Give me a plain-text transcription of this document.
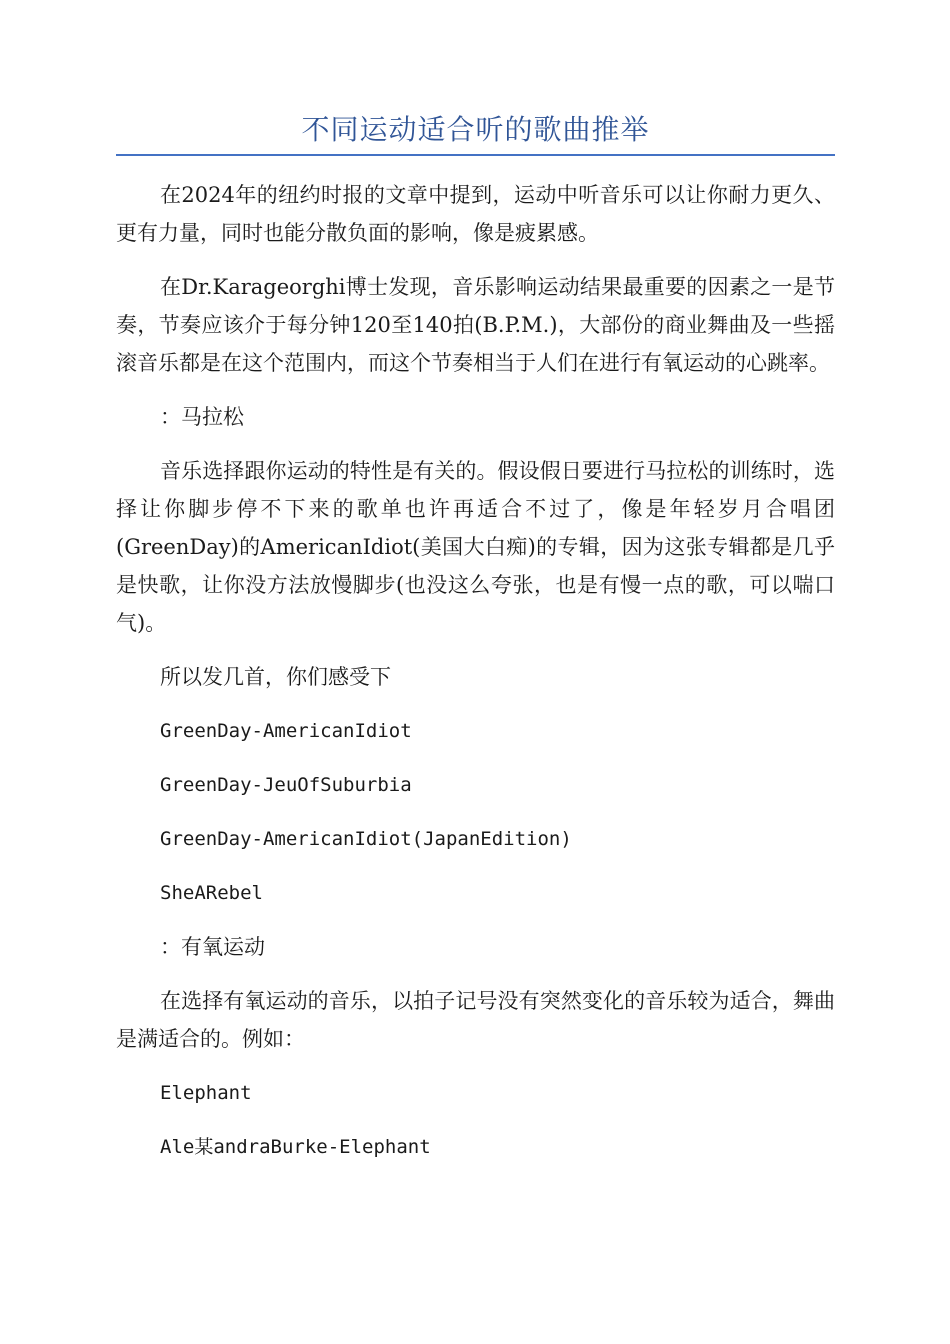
不同运动适合听的歌曲推举

在2024年的纽约时报的文章中提到，运动中听音乐可以让你耐力更久、更有力量，同时也能分散负面的影响，像是疲累感。

在Dr.Karageorghi博士发现，音乐影响运动结果最重要的因素之一是节奏，节奏应该介于每分钟120至140拍(B.P.M.)，大部份的商业舞曲及一些摇滚音乐都是在这个范围内，而这个节奏相当于人们在进行有氧运动的心跳率。

：马拉松

音乐选择跟你运动的特性是有关的。假设假日要进行马拉松的训练时，选择让你脚步停不下来的歌单也许再适合不过了，像是年轻岁月合唱团(GreenDay)的AmericanIdiot(美国大白痴)的专辑，因为这张专辑都是几乎是快歌，让你没方法放慢脚步(也没这么夸张，也是有慢一点的歌，可以喘口气)。

所以发几首，你们感受下

GreenDay-AmericanIdiot

GreenDay-JeuOfSuburbia

GreenDay-AmericanIdiot(JapanEdition)

SheARebel

：有氧运动

在选择有氧运动的音乐，以拍子记号没有突然变化的音乐较为适合，舞曲是满适合的。例如：

Elephant

Ale某andraBurke-Elephant
